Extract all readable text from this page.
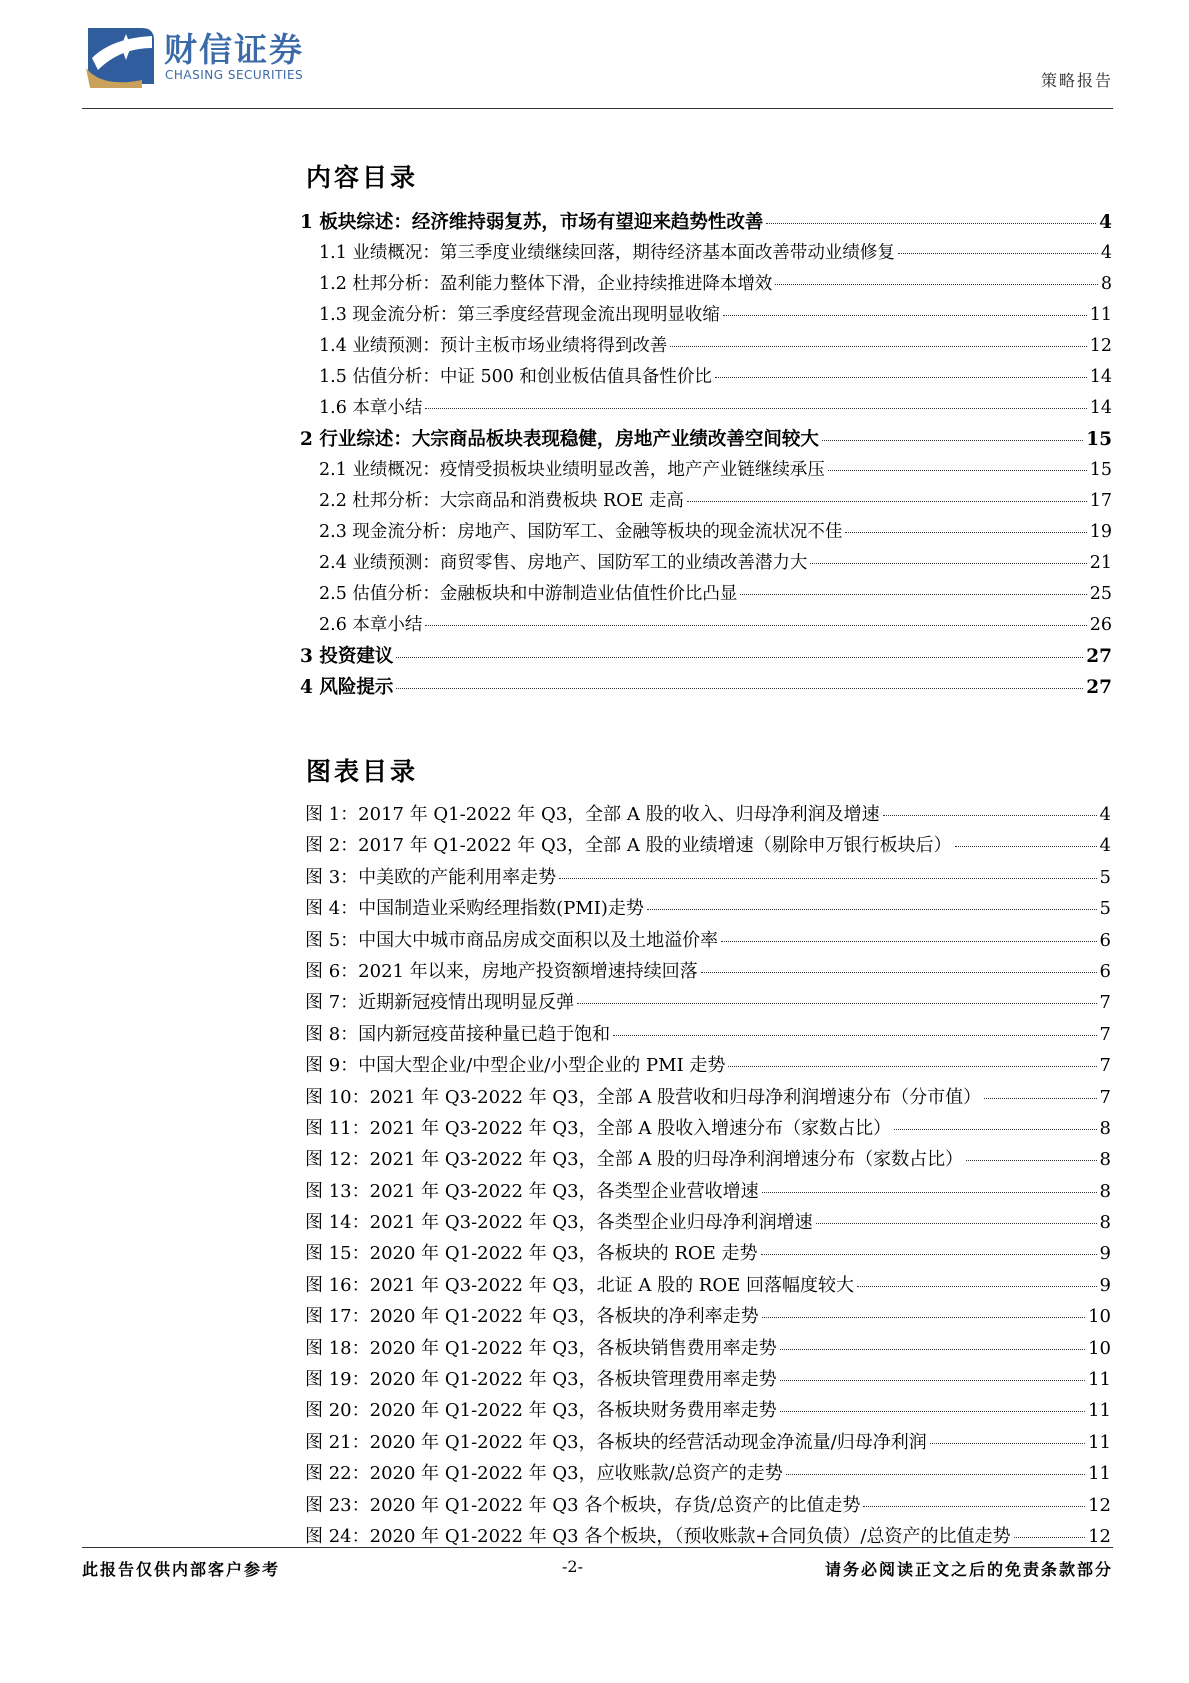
财信证券
CHASING SECURITIES	策略报告
内容目录
1 板块综述：经济维持弱复苏，市场有望迎来趋势性改善	4
1.1 业绩概况：第三季度业绩继续回落，期待经济基本面改善带动业绩修复	4
1.2 杜邦分析：盈利能力整体下滑，企业持续推进降本增效	8
1.3 现金流分析：第三季度经营现金流出现明显收缩	11
1.4 业绩预测：预计主板市场业绩将得到改善	12
1.5 估值分析：中证 500 和创业板估值具备性价比	14
1.6 本章小结	14
2 行业综述：大宗商品板块表现稳健，房地产业绩改善空间较大	15
2.1 业绩概况：疫情受损板块业绩明显改善，地产产业链继续承压	15
2.2 杜邦分析：大宗商品和消费板块 ROE 走高	17
2.3 现金流分析：房地产、国防军工、金融等板块的现金流状况不佳	19
2.4 业绩预测：商贸零售、房地产、国防军工的业绩改善潜力大	21
2.5 估值分析：金融板块和中游制造业估值性价比凸显	25
2.6 本章小结	26
3 投资建议	27
4 风险提示	27
图表目录
图 1：2017 年 Q1-2022 年 Q3，全部 A 股的收入、归母净利润及增速	4
图 2：2017 年 Q1-2022 年 Q3，全部 A 股的业绩增速（剔除申万银行板块后）	4
图 3：中美欧的产能利用率走势	5
图 4：中国制造业采购经理指数(PMI)走势	5
图 5：中国大中城市商品房成交面积以及土地溢价率	6
图 6：2021 年以来，房地产投资额增速持续回落	6
图 7：近期新冠疫情出现明显反弹	7
图 8：国内新冠疫苗接种量已趋于饱和	7
图 9：中国大型企业/中型企业/小型企业的 PMI 走势	7
图 10：2021 年 Q3-2022 年 Q3，全部 A 股营收和归母净利润增速分布（分市值）	7
图 11：2021 年 Q3-2022 年 Q3，全部 A 股收入增速分布（家数占比）	8
图 12：2021 年 Q3-2022 年 Q3，全部 A 股的归母净利润增速分布（家数占比）	8
图 13：2021 年 Q3-2022 年 Q3，各类型企业营收增速	8
图 14：2021 年 Q3-2022 年 Q3，各类型企业归母净利润增速	8
图 15：2020 年 Q1-2022 年 Q3，各板块的 ROE 走势	9
图 16：2021 年 Q3-2022 年 Q3，北证 A 股的 ROE 回落幅度较大	9
图 17：2020 年 Q1-2022 年 Q3，各板块的净利率走势	10
图 18：2020 年 Q1-2022 年 Q3，各板块销售费用率走势	10
图 19：2020 年 Q1-2022 年 Q3，各板块管理费用率走势	11
图 20：2020 年 Q1-2022 年 Q3，各板块财务费用率走势	11
图 21：2020 年 Q1-2022 年 Q3，各板块的经营活动现金净流量/归母净利润	11
图 22：2020 年 Q1-2022 年 Q3，应收账款/总资产的走势	11
图 23：2020 年 Q1-2022 年 Q3 各个板块，存货/总资产的比值走势	12
图 24：2020 年 Q1-2022 年 Q3 各个板块，（预收账款+合同负债）/总资产的比值走势	12
此报告仅供内部客户参考	-2-	请务必阅读正文之后的免责条款部分
